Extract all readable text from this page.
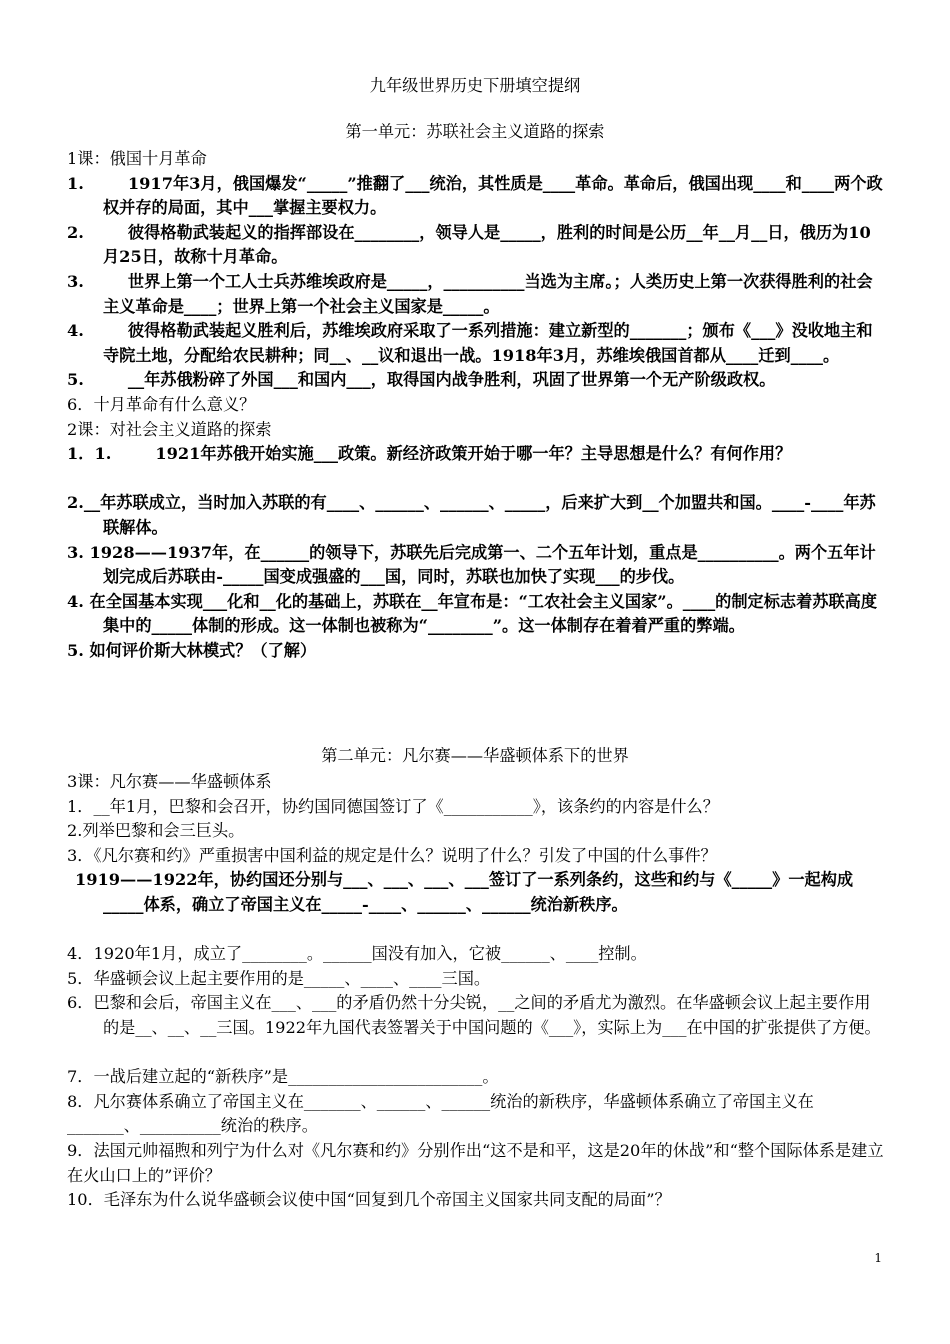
九年级世界历史下册填空提纲
第一单元：苏联社会主义道路的探索

1课：俄国十月革命

1.	1917年3月，俄国爆发“_____”推翻了___统治，其性质是____革命。革命后，俄国出现____和____两个政权并存的局面，其中___掌握主要权力。

2.	彼得格勒武装起义的指挥部设在________，领导人是_____，胜利的时间是公历__年__月__日，俄历为10月25日，故称十月革命。

3.	世界上第一个工人士兵苏维埃政府是_____，__________当选为主席。；人类历史上第一次获得胜利的社会主义革命是____；世界上第一个社会主义国家是_____。

4.	彼得格勒武装起义胜利后，苏维埃政府采取了一系列措施：建立新型的_______；颁布《___》没收地主和寺院土地，分配给农民耕种；同__、__议和退出一战。1918年3月，苏维埃俄国首都从____迁到____。

5.	__年苏俄粉碎了外国___和国内___，取得国内战争胜利，巩固了世界第一个无产阶级政权。

6．十月革命有什么意义？

2课：对社会主义道路的探索

1．1.	1921年苏俄开始实施___政策。新经济政策开始于哪一年？主导思想是什么？有何作用？

2.__年苏联成立，当时加入苏联的有____、______、______、_____，后来扩大到__个加盟共和国。____-____年苏联解体。

3. 1928——1937年，在______的领导下，苏联先后完成第一、二个五年计划，重点是__________。两个五年计划完成后苏联由-_____国变成强盛的___国，同时，苏联也加快了实现___的步伐。

4. 在全国基本实现___化和__化的基础上，苏联在__年宣布是：“工农社会主义国家”。____的制定标志着苏联高度集中的_____体制的形成。这一体制也被称为“________”。这一体制存在着着严重的弊端。

5. 如何评价斯大林模式？（了解）

第二单元：凡尔赛——华盛顿体系下的世界

3课：凡尔赛——华盛顿体系

1．__年1月，巴黎和会召开，协约国同德国签订了《___________》，该条约的内容是什么？

2.列举巴黎和会三巨头。

3．《凡尔赛和约》严重损害中国利益的规定是什么？说明了什么？引发了中国的什么事件？

1919——1922年，协约国还分别与___、___、___、___签订了一系列条约，这些和约与《_____》一起构成_____体系，确立了帝国主义在_____-____、______、______统治新秩序。

4．1920年1月，成立了________。______国没有加入，它被______、____控制。

5．华盛顿会议上起主要作用的是_____、____、____三国。

6．巴黎和会后，帝国主义在___、___的矛盾仍然十分尖锐，__之间的矛盾尤为激烈。在华盛顿会议上起主要作用的是__、__、__三国。1922年九国代表签署关于中国问题的《___》，实际上为___在中国的扩张提供了方便。

7．一战后建立起的“新秩序”是________________________。

8．凡尔赛体系确立了帝国主义在_______、______、______统治的新秩序，华盛顿体系确立了帝国主义在_______、__________统治的秩序。

9．法国元帅福煦和列宁为什么对《凡尔赛和约》分别作出“这不是和平，这是20年的休战”和“整个国际体系是建立在火山口上的”评价？

10．毛泽东为什么说华盛顿会议使中国“回复到几个帝国主义国家共同支配的局面”？

1
